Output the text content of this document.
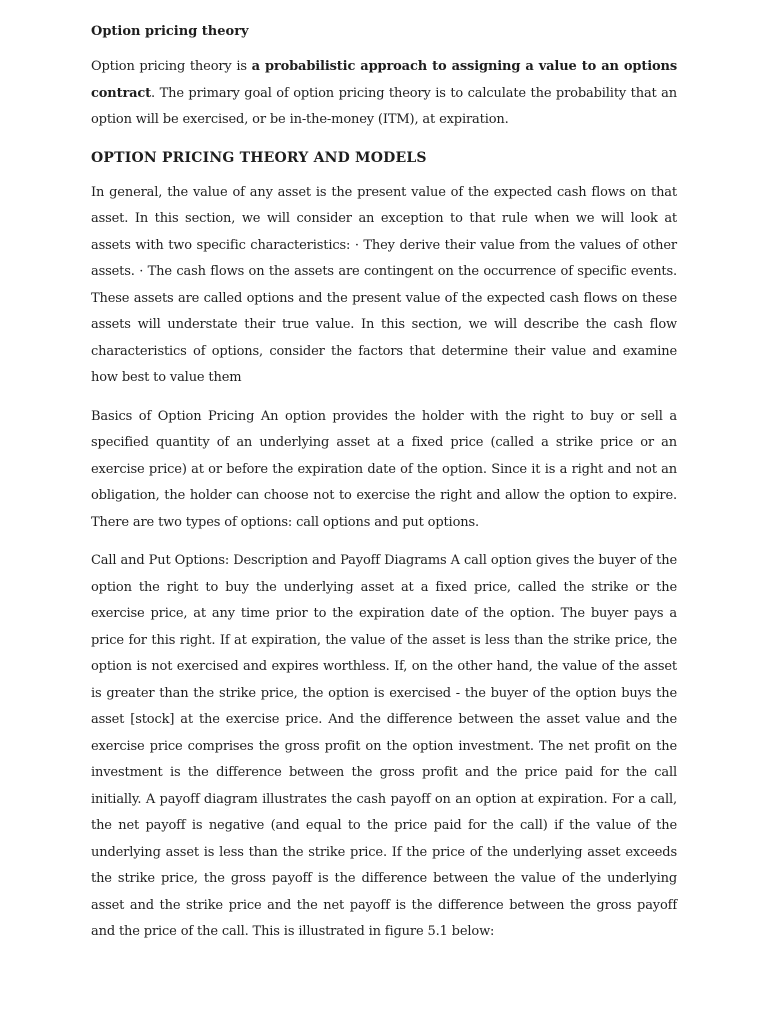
Option pricing theory

Option pricing theory is a probabilistic approach to assigning a value to an options contract. The primary goal of option pricing theory is to calculate the probability that an option will be exercised, or be in-the-money (ITM), at expiration.

OPTION PRICING THEORY AND MODELS

In general, the value of any asset is the present value of the expected cash flows on that asset. In this section, we will consider an exception to that rule when we will look at assets with two specific characteristics: · They derive their value from the values of other assets. · The cash flows on the assets are contingent on the occurrence of specific events. These assets are called options and the present value of the expected cash flows on these assets will understate their true value. In this section, we will describe the cash flow characteristics of options, consider the factors that determine their value and examine how best to value them

Basics of Option Pricing An option provides the holder with the right to buy or sell a specified quantity of an underlying asset at a fixed price (called a strike price or an exercise price) at or before the expiration date of the option. Since it is a right and not an obligation, the holder can choose not to exercise the right and allow the option to expire. There are two types of options: call options and put options.

Call and Put Options: Description and Payoff Diagrams A call option gives the buyer of the option the right to buy the underlying asset at a fixed price, called the strike or the exercise price, at any time prior to the expiration date of the option. The buyer pays a price for this right. If at expiration, the value of the asset is less than the strike price, the option is not exercised and expires worthless. If, on the other hand, the value of the asset is greater than the strike price, the option is exercised - the buyer of the option buys the asset [stock] at the exercise price. And the difference between the asset value and the exercise price comprises the gross profit on the option investment. The net profit on the investment is the difference between the gross profit and the price paid for the call initially. A payoff diagram illustrates the cash payoff on an option at expiration. For a call, the net payoff is negative (and equal to the price paid for the call) if the value of the underlying asset is less than the strike price. If the price of the underlying asset exceeds the strike price, the gross payoff is the difference between the value of the underlying asset and the strike price and the net payoff is the difference between the gross payoff and the price of the call. This is illustrated in figure 5.1 below:
